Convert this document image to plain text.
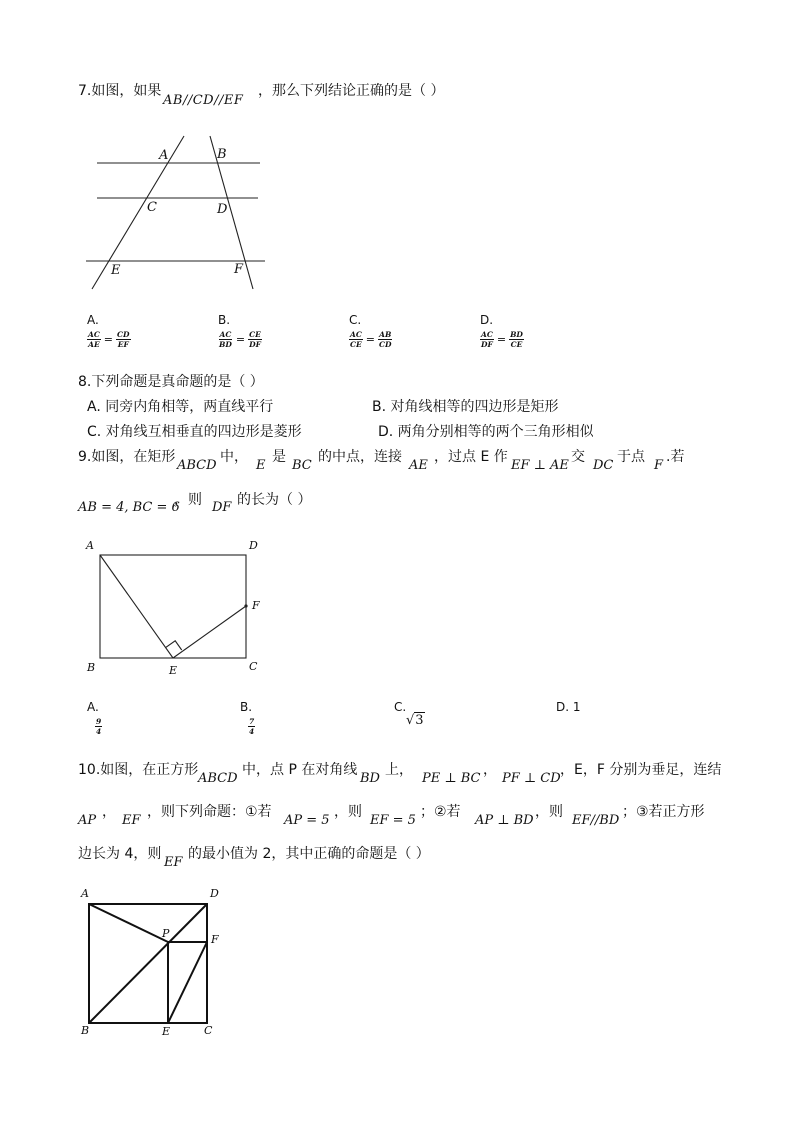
7.如图，如果
AB//CD//EF
，那么下列结论正确的是（ ）
A	B
C	D
E	F
A.
$\frac{AC}{AE} = \frac{CD}{EF}$
B.
$\frac{AC}{BD} = \frac{CE}{DF}$
C.
$\frac{AC}{CE} = \frac{AB}{CD}$
D.
$\frac{AC}{DF} = \frac{BD}{CE}$
8.下列命题是真命题的是（ ）
A. 同旁内角相等，两直线平行	B. 对角线相等的四边形是矩形
C. 对角线互相垂直的四边形是菱形	D. 两角分别相等的两个三角形相似
9.如图，在矩形
ABCD
中，
E
是
BC
的中点，连接
AE
，过点 E 作
EF ⊥ AE
交
DC
于点
F
.若
AB = 4, BC = 6
，则 DF 的长为（ ）
A	D
F
B	E	C
A.
$\frac{9}{4}$
B.
$\frac{7}{4}$
C.
√3
D. 1
10.如图，在正方形
ABCD
中，点 P 在对角线
BD
上，
PE ⊥ BC
，
PF ⊥ CD
，E，F 分别为垂足，连结
AP
，
EF
，则下列命题：①若
AP = 5
，则
EF = 5
；②若
AP ⊥ BD
，则
EF//BD
；③若正方形
边长为 4，则
EF
的最小值为 2，其中正确的命题是（ ）
A	D
P	F
B	E	C
